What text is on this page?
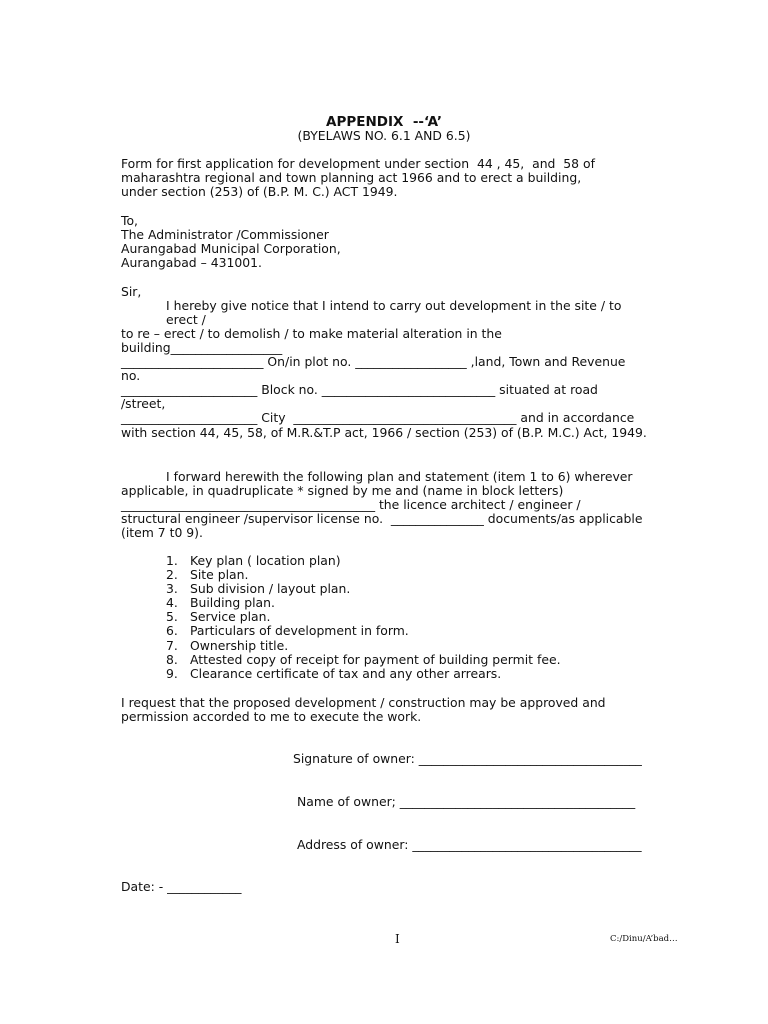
APPENDIX  --‘A’
(BYELAWS NO. 6.1 AND 6.5)
Form for first application for development under section  44 , 45,  and  58 of
maharashtra regional and town planning act 1966 and to erect a building,
under section (253) of (B.P. M. C.) ACT 1949.
To,
The Administrator /Commissioner
Aurangabad Municipal Corporation,
Aurangabad – 431001.
Sir,
I hereby give notice that I intend to carry out development in the site / to
erect /
to re – erect / to demolish / to make material alteration in the
building__________________
_______________________ On/in plot no. __________________ ,land, Town and Revenue
no.
______________________ Block no. ____________________________ situated at road
/street,
______________________ City  ____________________________________ and in accordance
with section 44, 45, 58, of M.R.&T.P act, 1966 / section (253) of (B.P. M.C.) Act, 1949.
I forward herewith the following plan and statement (item 1 to 6) wherever
applicable, in quadruplicate * signed by me and (name in block letters)
_________________________________________ the licence architect / engineer /
structural engineer /supervisor license no.  _______________ documents/as applicable
(item 7 t0 9).
1. Key plan ( location plan)
2. Site plan.
3. Sub division / layout plan.
4. Building plan.
5. Service plan.
6. Particulars of development in form.
7. Ownership title.
8. Attested copy of receipt for payment of building permit fee.
9. Clearance certificate of tax and any other arrears.
I request that the proposed development / construction may be approved and
permission accorded to me to execute the work.
Signature of owner: ____________________________________
Name of owner; ______________________________________
Address of owner: _____________________________________
Date: - ____________
I	C:/Dinu/A’bad…
